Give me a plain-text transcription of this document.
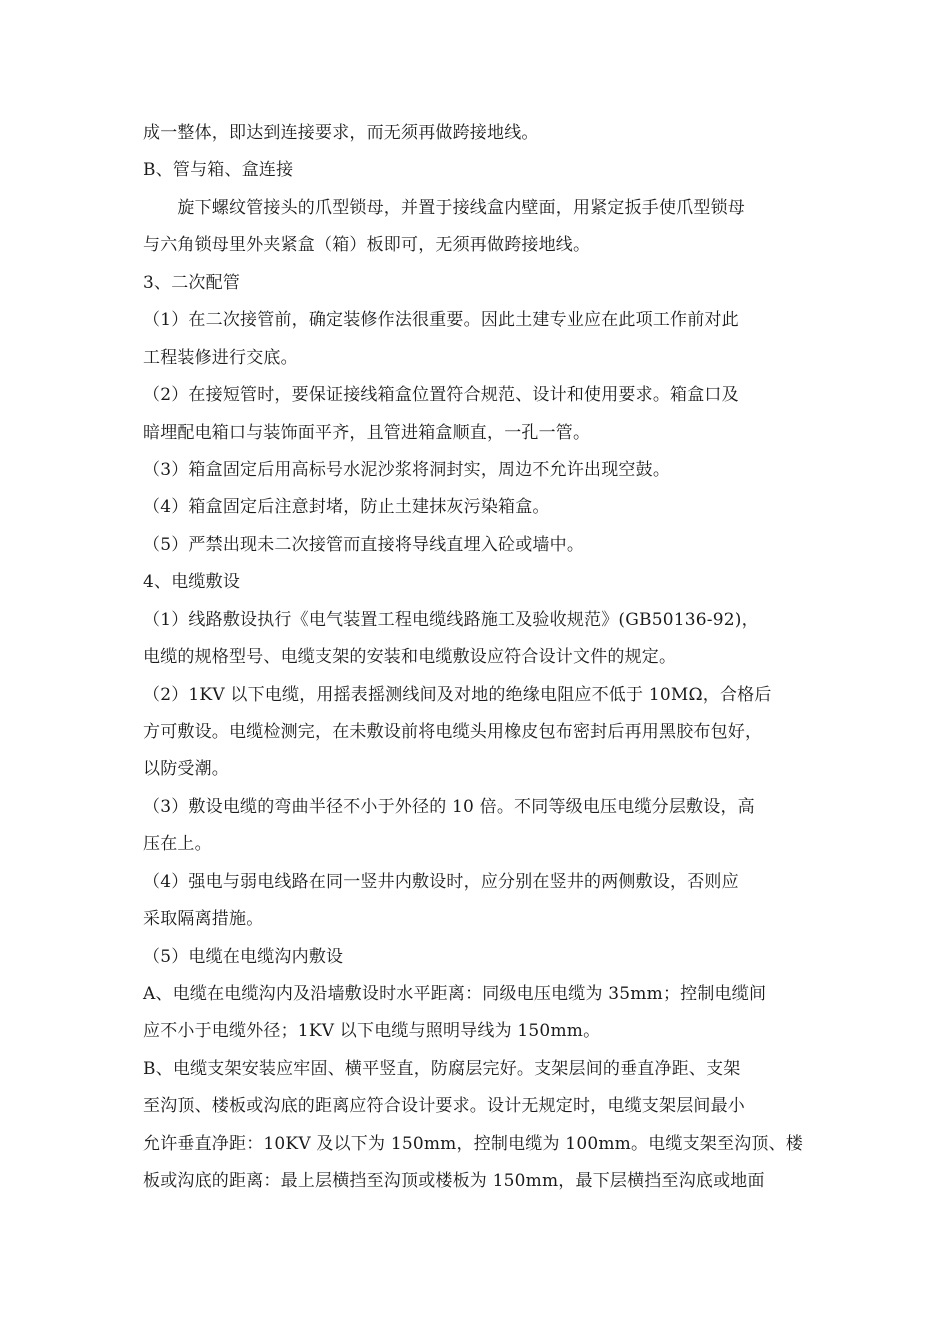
成一整体，即达到连接要求，而无须再做跨接地线。
B、管与箱、盒连接
　　旋下螺纹管接头的爪型锁母，并置于接线盒内壁面，用紧定扳手使爪型锁母
与六角锁母里外夹紧盒（箱）板即可，无须再做跨接地线。
3、二次配管
（1）在二次接管前，确定装修作法很重要。因此土建专业应在此项工作前对此
工程装修进行交底。
（2）在接短管时，要保证接线箱盒位置符合规范、设计和使用要求。箱盒口及
暗埋配电箱口与装饰面平齐，且管进箱盒顺直，一孔一管。
（3）箱盒固定后用高标号水泥沙浆将洞封实，周边不允许出现空鼓。
（4）箱盒固定后注意封堵，防止土建抹灰污染箱盒。
（5）严禁出现未二次接管而直接将导线直埋入砼或墙中。
4、电缆敷设
（1）线路敷设执行《电气装置工程电缆线路施工及验收规范》(GB50136-92)，
电缆的规格型号、电缆支架的安装和电缆敷设应符合设计文件的规定。
（2）1KV 以下电缆，用摇表摇测线间及对地的绝缘电阻应不低于 10MΩ，合格后
方可敷设。电缆检测完，在未敷设前将电缆头用橡皮包布密封后再用黑胶布包好，
以防受潮。
（3）敷设电缆的弯曲半径不小于外径的 10 倍。不同等级电压电缆分层敷设，高
压在上。
（4）强电与弱电线路在同一竖井内敷设时，应分别在竖井的两侧敷设，否则应
采取隔离措施。
（5）电缆在电缆沟内敷设
A、电缆在电缆沟内及沿墙敷设时水平距离：同级电压电缆为 35mm；控制电缆间
应不小于电缆外径；1KV 以下电缆与照明导线为 150mm。
B、电缆支架安装应牢固、横平竖直，防腐层完好。支架层间的垂直净距、支架
至沟顶、楼板或沟底的距离应符合设计要求。设计无规定时，电缆支架层间最小
允许垂直净距：10KV 及以下为 150mm，控制电缆为 100mm。电缆支架至沟顶、楼
板或沟底的距离：最上层横挡至沟顶或楼板为 150mm，最下层横挡至沟底或地面
